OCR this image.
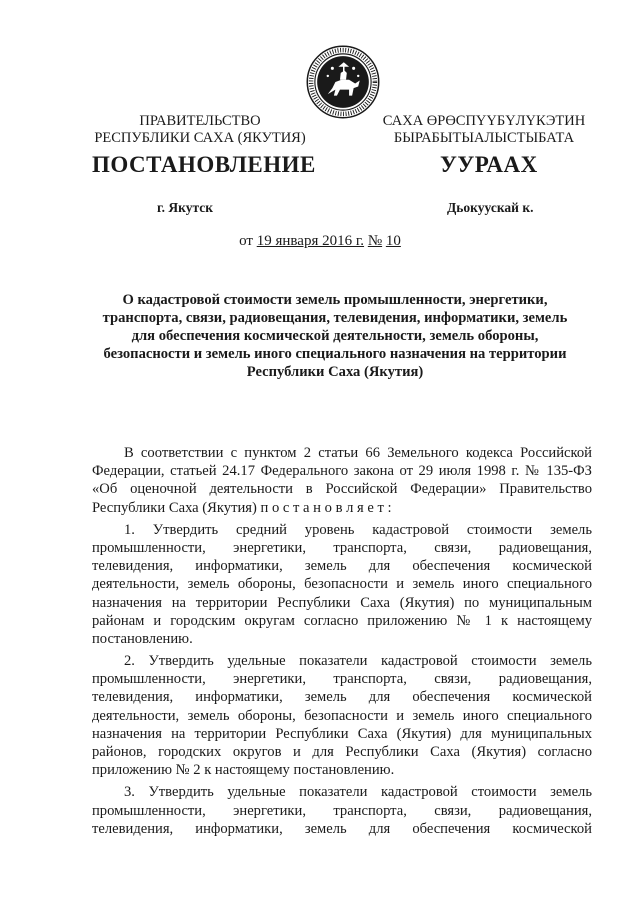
ПРАВИТЕЛЬСТВО
РЕСПУБЛИКИ САХА (ЯКУТИЯ)
САХА ӨРӨСПҮҮБҮЛҮКЭТИН
БЫРАБЫТЫАЛЫСТЫБАТА
ПОСТАНОВЛЕНИЕ	УУРААХ
г. Якутск	Дьокуускай к.
от 19 января 2016 г. № 10
О кадастровой стоимости земель промышленности, энергетики,
транспорта, связи, радиовещания, телевидения, информатики, земель
для обеспечения космической деятельности, земель обороны,
безопасности и земель иного специального назначения на территории
Республики Саха (Якутия)
В соответствии с пунктом 2 статьи 66 Земельного кодекса Российской
Федерации, статьей 24.17 Федерального закона от 29 июля 1998 г. № 135-ФЗ
«Об оценочной деятельности в Российской Федерации» Правительство
Республики Саха (Якутия) п о с т а н о в л я е т :
1. Утвердить средний уровень кадастровой стоимости земель
промышленности, энергетики, транспорта, связи, радиовещания,
телевидения, информатики, земель для обеспечения космической
деятельности, земель обороны, безопасности и земель иного специального
назначения на территории Республики Саха (Якутия) по муниципальным
районам и городским округам согласно приложению № 1 к настоящему
постановлению.
2. Утвердить удельные показатели кадастровой стоимости земель
промышленности, энергетики, транспорта, связи, радиовещания,
телевидения, информатики, земель для обеспечения космической
деятельности, земель обороны, безопасности и земель иного специального
назначения на территории Республики Саха (Якутия) для муниципальных
районов, городских округов и для Республики Саха (Якутия) согласно
приложению № 2 к настоящему постановлению.
3. Утвердить удельные показатели кадастровой стоимости земель
промышленности, энергетики, транспорта, связи, радиовещания,
телевидения, информатики, земель для обеспечения космической
